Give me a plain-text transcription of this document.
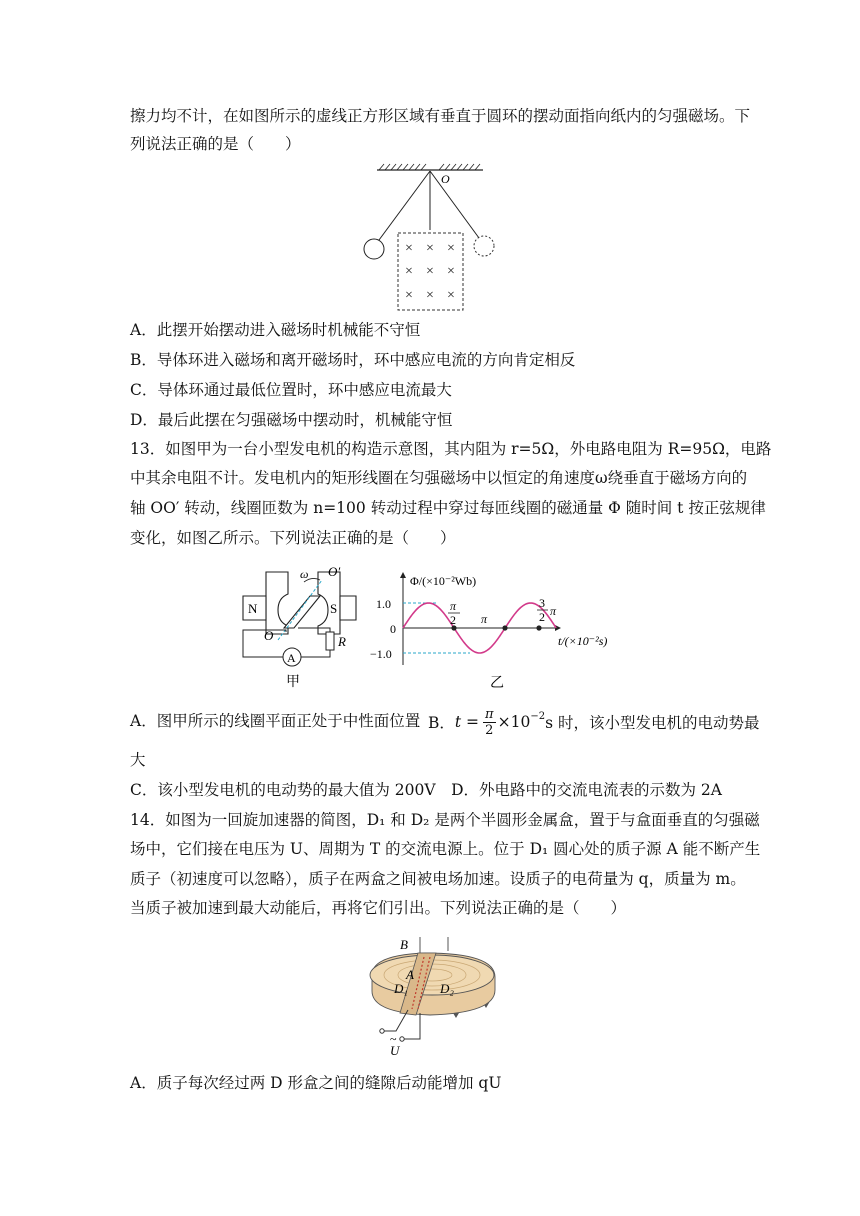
擦力均不计，在如图所示的虚线正方形区域有垂直于圆环的摆动面指向纸内的匀强磁场。下
列说法正确的是（　　）
O
× × ×
× × ×
× × ×
A．此摆开始摆动进入磁场时机械能不守恒
B．导体环进入磁场和离开磁场时，环中感应电流的方向肯定相反
C．导体环通过最低位置时，环中感应电流最大
D．最后此摆在匀强磁场中摆动时，机械能守恒
13．如图甲为一台小型发电机的构造示意图，其内阻为 r=5Ω，外电路电阻为 R=95Ω，电路
中其余电阻不计。发电机内的矩形线圈在匀强磁场中以恒定的角速度ω绕垂直于磁场方向的
轴 OO′ 转动，线圈匝数为 n=100 转动过程中穿过每匝线圈的磁通量 Φ 随时间 t 按正弦规律
变化，如图乙所示。下列说法正确的是（　　）
N	S
ω O′
O
A
R
甲
Φ/(×10⁻²Wb)
1.0
0
−1.0
t/(×10⁻²s)
π
2 π
3
2 π
乙
A．图甲所示的线圈平面正处于中性面位置 B． $t = \frac{\pi}{2} \times 10^{-2}$ s 时，该小型发电机的电动势最
大
C．该小型发电机的电动势的最大值为 200V　D．外电路中的交流电流表的示数为 2A
14．如图为一回旋加速器的简图，D₁ 和 D₂ 是两个半圆形金属盒，置于与盒面垂直的匀强磁
场中，它们接在电压为 U、周期为 T 的交流电源上。位于 D₁ 圆心处的质子源 A 能不断产生
质子（初速度可以忽略），质子在两盒之间被电场加速。设质子的电荷量为 q，质量为 m。
当质子被加速到最大动能后，再将它们引出。下列说法正确的是（　　）
B
A
D₁ D₂
~
U
A．质子每次经过两 D 形盒之间的缝隙后动能增加 qU
